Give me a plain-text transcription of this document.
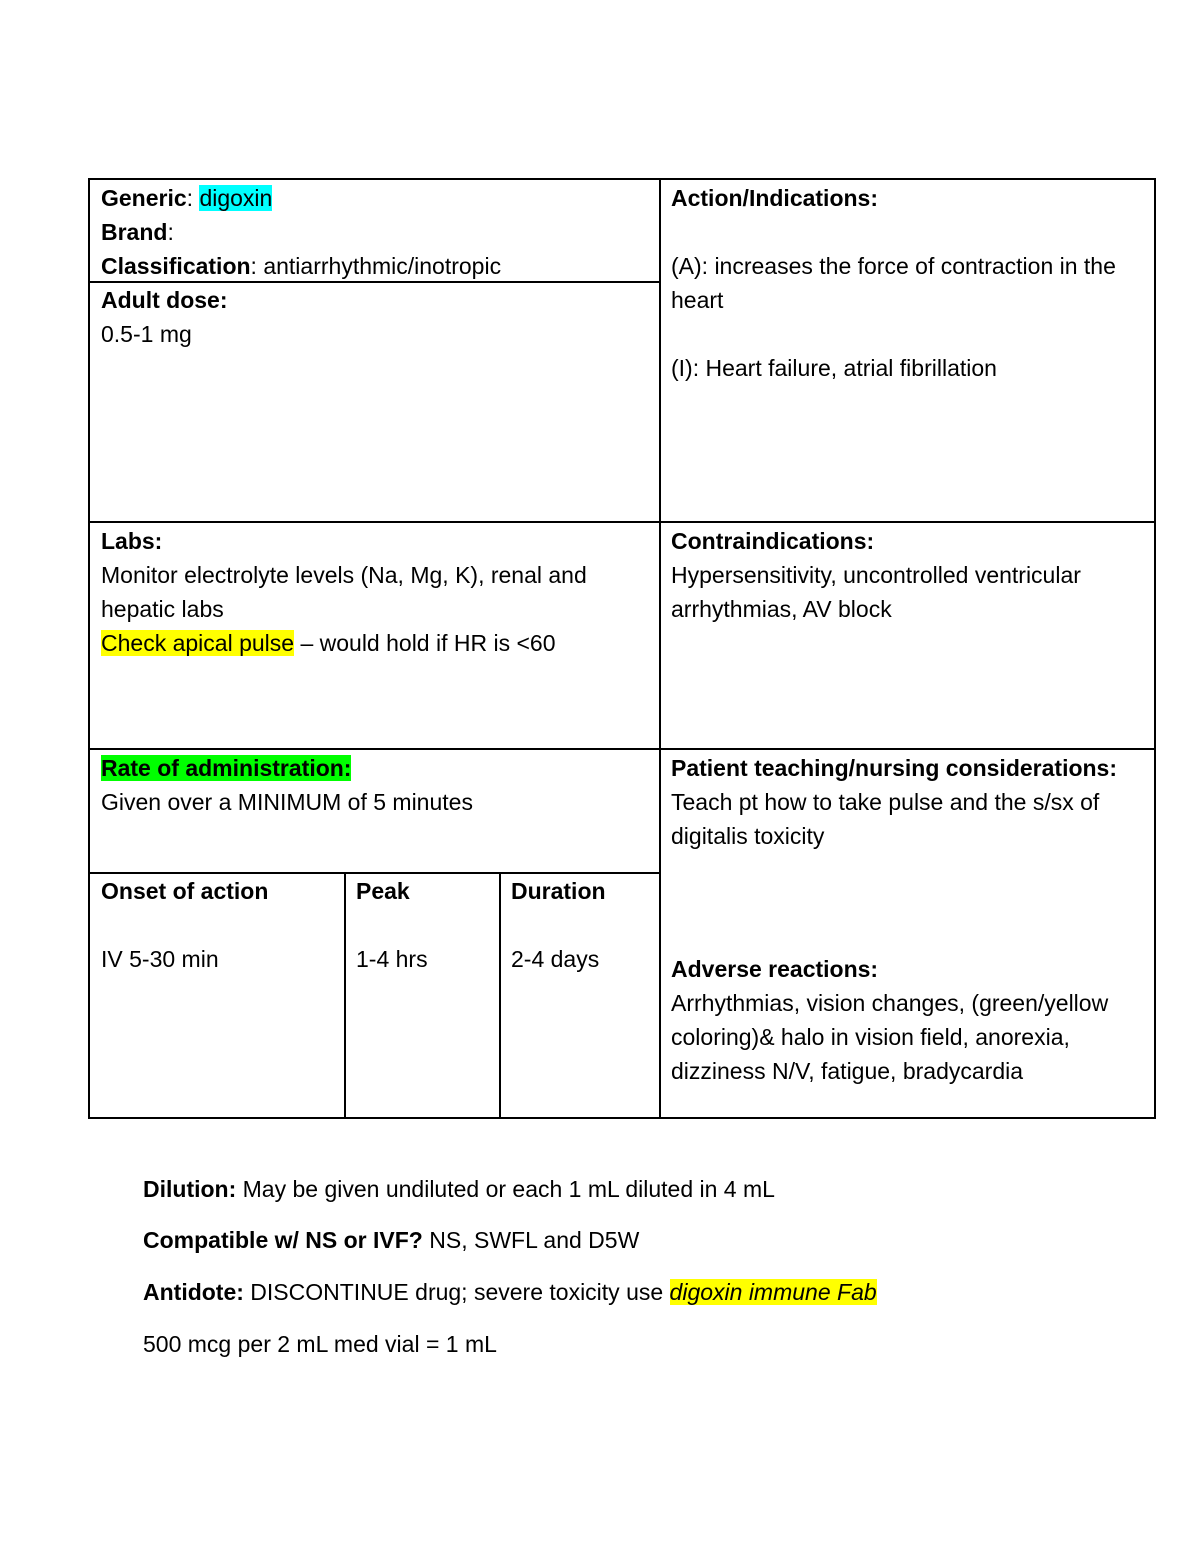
Generic: digoxin
Brand:
Classification: antiarrhythmic/inotropic
Adult dose:
0.5-1 mg
Action/Indications:
(A): increases the force of contraction in the heart
(I): Heart failure, atrial fibrillation
Labs:
Monitor electrolyte levels (Na, Mg, K), renal and hepatic labs
Check apical pulse – would hold if HR is <60
Contraindications:
Hypersensitivity, uncontrolled ventricular arrhythmias, AV block
Rate of administration:
Given over a MINIMUM of 5 minutes
Onset of action
IV 5-30 min
Peak
1-4 hrs
Duration
2-4 days
Patient teaching/nursing considerations:
Teach pt how to take pulse and the s/sx of digitalis toxicity
Adverse reactions:
Arrhythmias, vision changes, (green/yellow coloring)& halo in vision field, anorexia, dizziness N/V, fatigue, bradycardia
Dilution: May be given undiluted or each 1 mL diluted in 4 mL
Compatible w/ NS or IVF? NS, SWFL and D5W
Antidote: DISCONTINUE drug; severe toxicity use digoxin immune Fab
500 mcg per 2 mL med vial = 1 mL
